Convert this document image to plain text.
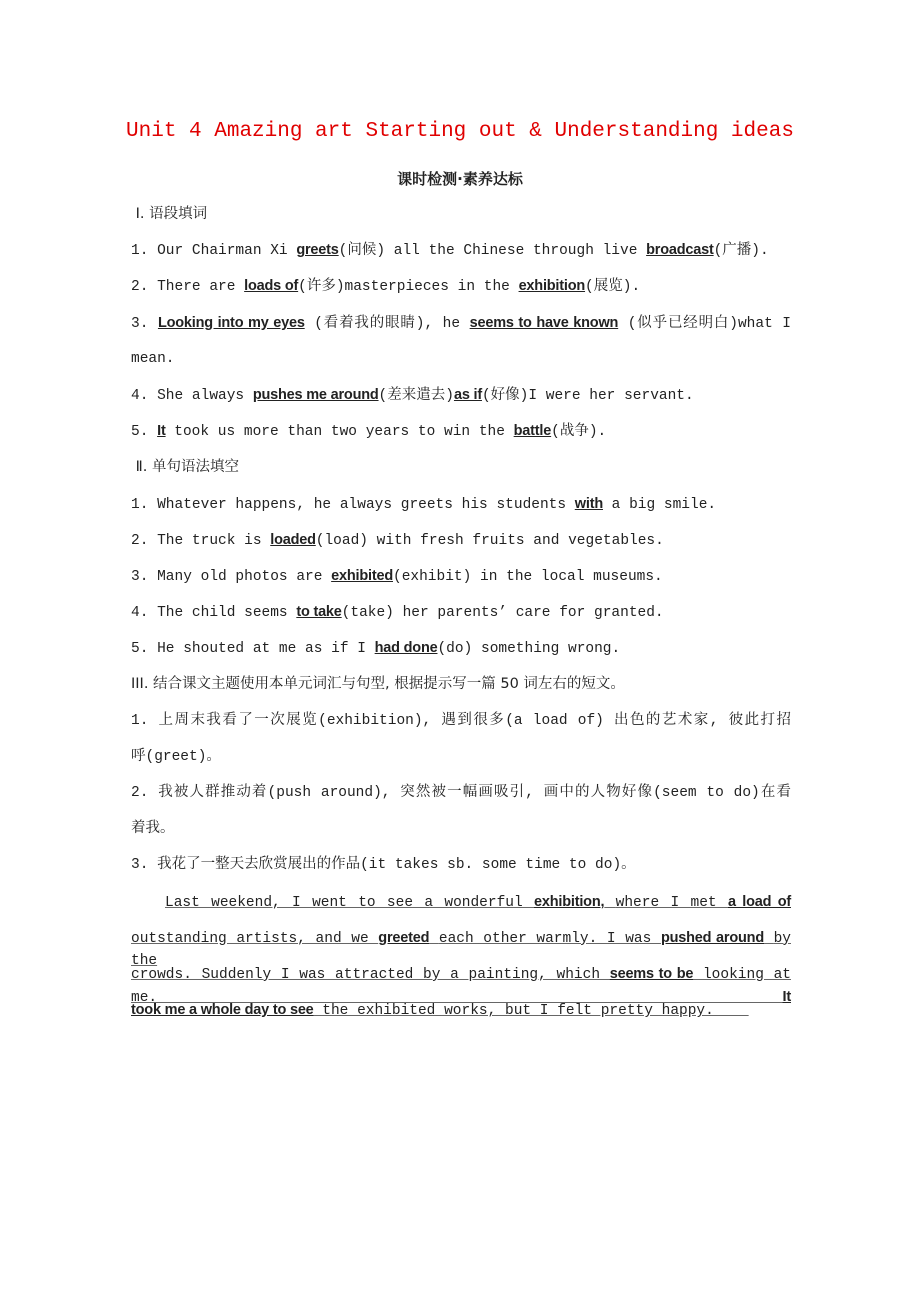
Unit 4 Amazing art Starting out & Understanding ideas
课时检测·素养达标
Ⅰ. 语段填词
1. Our Chairman Xi greets(问候) all the Chinese through live broadcast(广播).
2. There are loads of(许多)masterpieces in the exhibition(展览).
3. Looking into my eyes (看着我的眼睛), he seems to have known (似乎已经明白)what I
mean.
4. She always pushes me around(差来遣去)as if(好像)I were her servant.
5. It took us more than two years to win the battle(战争).
Ⅱ. 单句语法填空
1. Whatever happens, he always greets his students with a big smile.
2. The truck is loaded(load) with fresh fruits and vegetables.
3. Many old photos are exhibited(exhibit) in the local museums.
4. The child seems to take(take) her parents’ care for granted.
5. He shouted at me as if I had done(do) something wrong.
III. 结合课文主题使用本单元词汇与句型, 根据提示写一篇 50 词左右的短文。
1. 上周末我看了一次展览(exhibition), 遇到很多(a load of) 出色的艺术家, 彼此打招
呼(greet)。
2. 我被人群推动着(push around), 突然被一幅画吸引, 画中的人物好像(seem to do)在看
着我。
3. 我花了一整天去欣赏展出的作品(it takes sb. some time to do)。
Last weekend, I went to see a wonderful exhibition, where I met a load of
outstanding artists, and we greeted each other warmly. I was pushed around by the
crowds. Suddenly I was attracted by a painting, which seems to be looking at me. It
took me a whole day to see the exhibited works, but I felt pretty happy.
